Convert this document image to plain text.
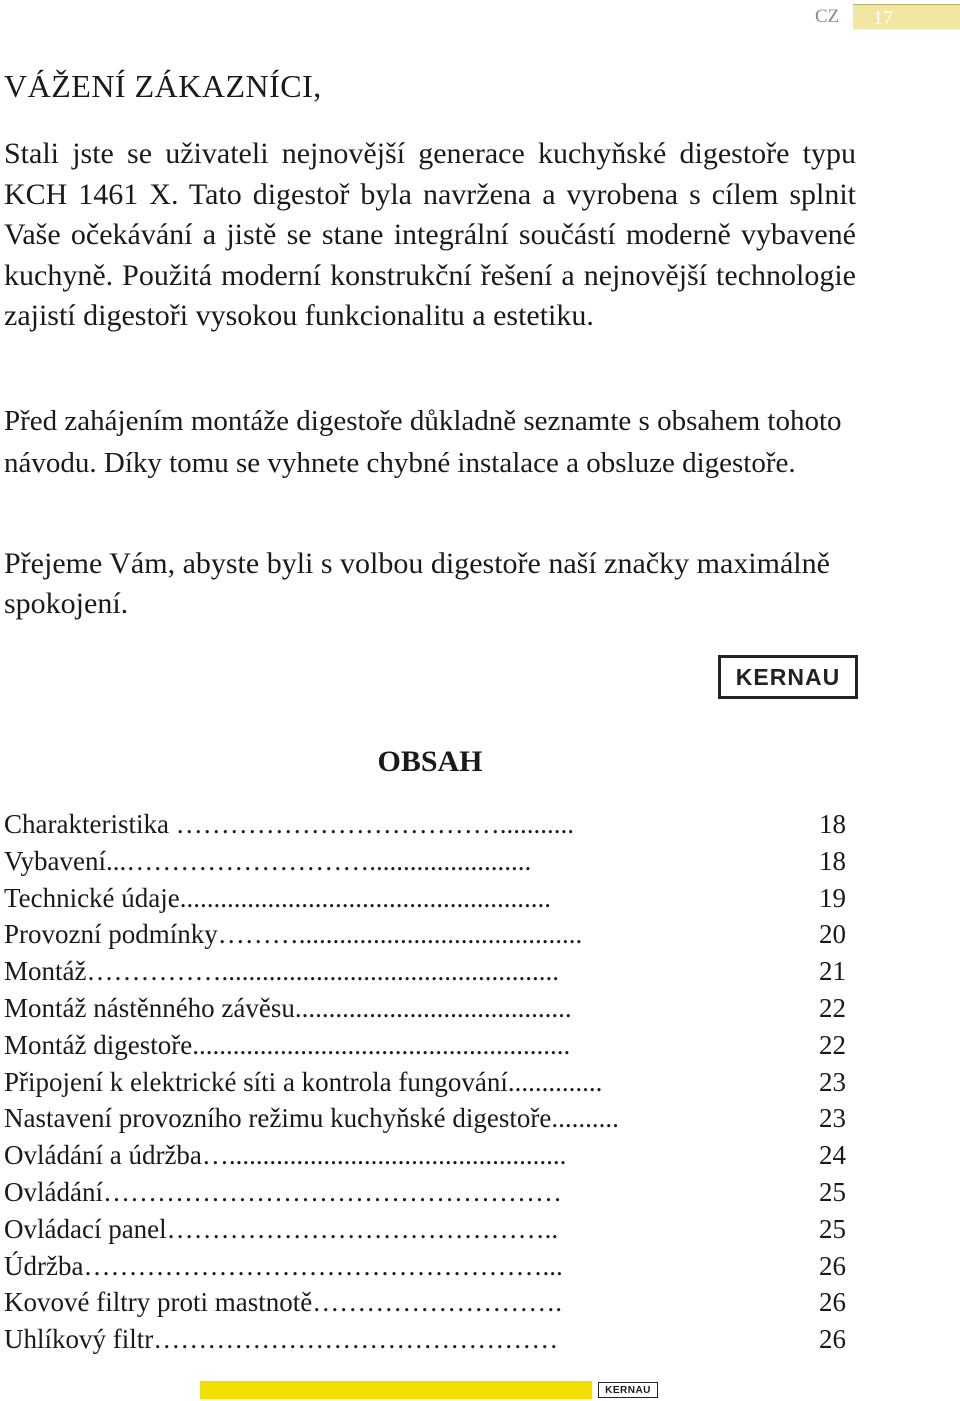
CZ	17
VÁŽENÍ ZÁKAZNÍCI,

Stali jste se uživateli nejnovější generace kuchyňské digestoře typu KCH 1461 X. Tato digestoř byla navržena a vyrobena s cílem splnit Vaše očekávání a jistě se stane integrální součástí moderně vybavené kuchyně. Použitá moderní konstrukční řešení a nejnovější technologie zajistí digestoři vysokou funkcionalitu a estetiku.

Před zahájením montáže digestoře důkladně seznamte s obsahem tohoto návodu. Díky tomu se vyhnete chybné instalace a obsluze digestoře.

Přejeme Vám, abyste byli s volbou digestoře naší značky maximálně spokojení.

KERNAU
OBSAH
Charakteristika ………………………………...........	18
Vybavení...………………………........................	18
Technické údaje.......................................................	19
Provozní podmínky………..........................................	20
Montáž……………..................................................	21
Montáž nástěnného závěsu.........................................	22
Montáž digestoře........................................................	22
Připojení k elektrické síti a kontrola fungování..............	23
Nastavení provozního režimu kuchyňské digestoře..........	23
Ovládání a údržba…..................................................	24
Ovládání……………………………………………	25
Ovládací panel……………………………………..	25
Údržba……………………………………………...	26
Kovové filtry proti mastnotě……………………….	26
Uhlíkový filtr………………………………………	26
KERNAU
